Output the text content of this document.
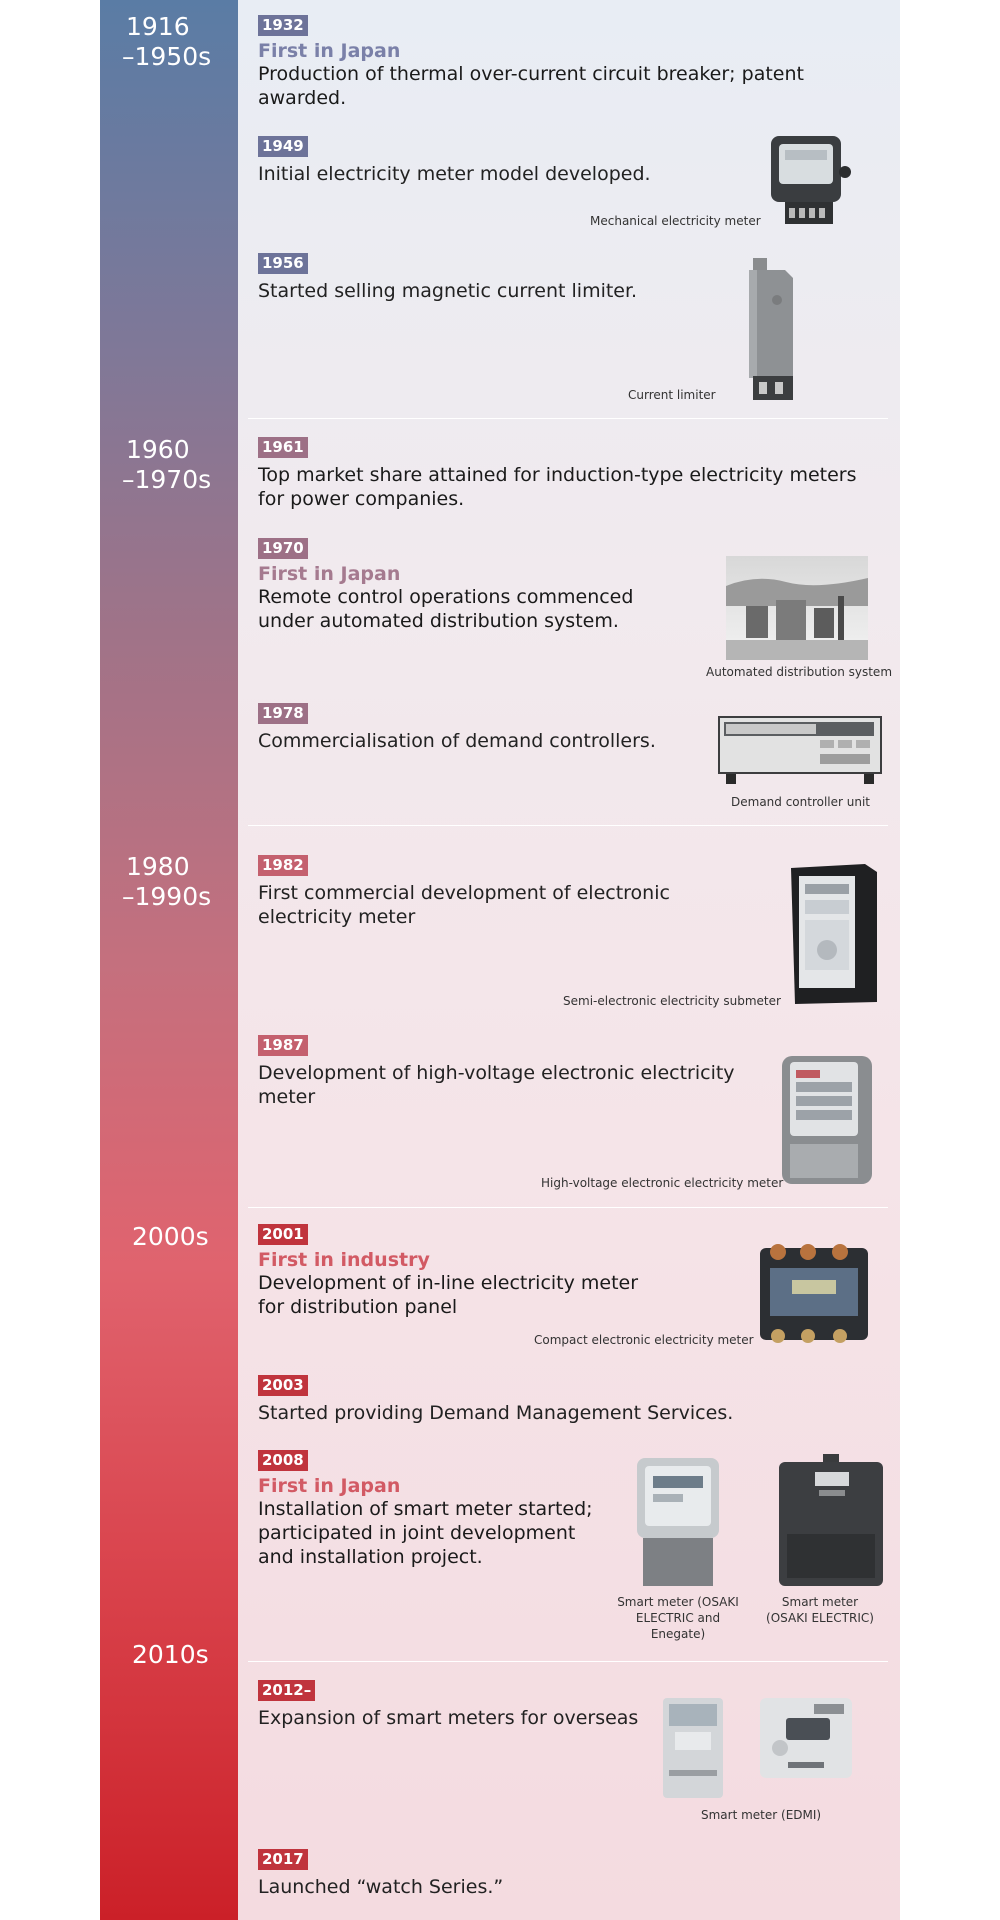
1916
–1950s
1960
–1970s
1980
–1990s
2000s
2010s
1932
First in Japan
Production of thermal over-current circuit breaker; patent awarded.
1949
Initial electricity meter model developed.
Mechanical electricity meter
1956
Started selling magnetic current limiter.
Current limiter
1961
Top market share attained for induction-type electricity meters for power companies.
1970
First in Japan
Remote control operations commenced under automated distribution system.
Automated distribution system
1978
Commercialisation of demand controllers.
Demand controller unit
1982
First commercial development of electronic electricity meter
Semi-electronic electricity submeter
1987
Development of high-voltage electronic electricity meter
High-voltage electronic electricity meter
2001
First in industry
Development of in-line electricity meter for distribution panel
Compact electronic electricity meter
2003
Started providing Demand Management Services.
2008
First in Japan
Installation of smart meter started; participated in joint development and installation project.
Smart meter (OSAKI ELECTRIC and Enegate)
Smart meter (OSAKI ELECTRIC)
2012–
Expansion of smart meters for overseas
Smart meter (EDMI)
2017
Launched “watch Series.”
